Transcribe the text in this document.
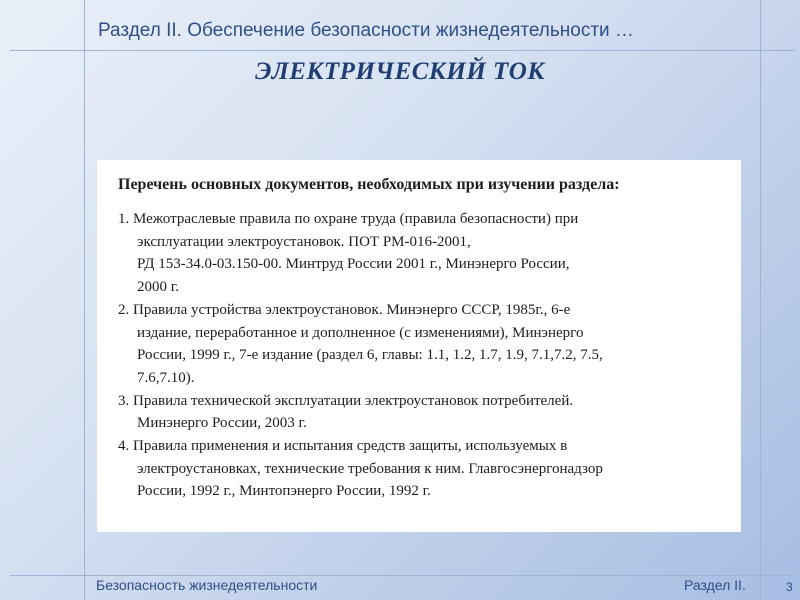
Раздел II. Обеспечение безопасности жизнедеятельности …
ЭЛЕКТРИЧЕСКИЙ ТОК
Перечень основных документов, необходимых при изучении раздела:
1. Межотраслевые правила по охране труда (правила безопасности) при
эксплуатации электроустановок. ПОТ РМ-016-2001,
РД 153-34.0-03.150-00. Минтруд России 2001 г., Минэнерго России,
2000 г.
2. Правила устройства электроустановок. Минэнерго СССР, 1985г., 6-е
издание, переработанное и дополненное (с изменениями), Минэнерго
России, 1999 г., 7-е издание (раздел 6, главы: 1.1, 1.2, 1.7, 1.9, 7.1,7.2, 7.5,
7.6,7.10).
3. Правила технической эксплуатации электроустановок потребителей.
Минэнерго России, 2003 г.
4. Правила применения и испытания средств защиты, используемых в
электроустановках, технические требования к ним. Главгосэнергонадзор
России, 1992 г., Минтопэнерго России, 1992 г.
Безопасность жизнедеятельности	Раздел II.	3
